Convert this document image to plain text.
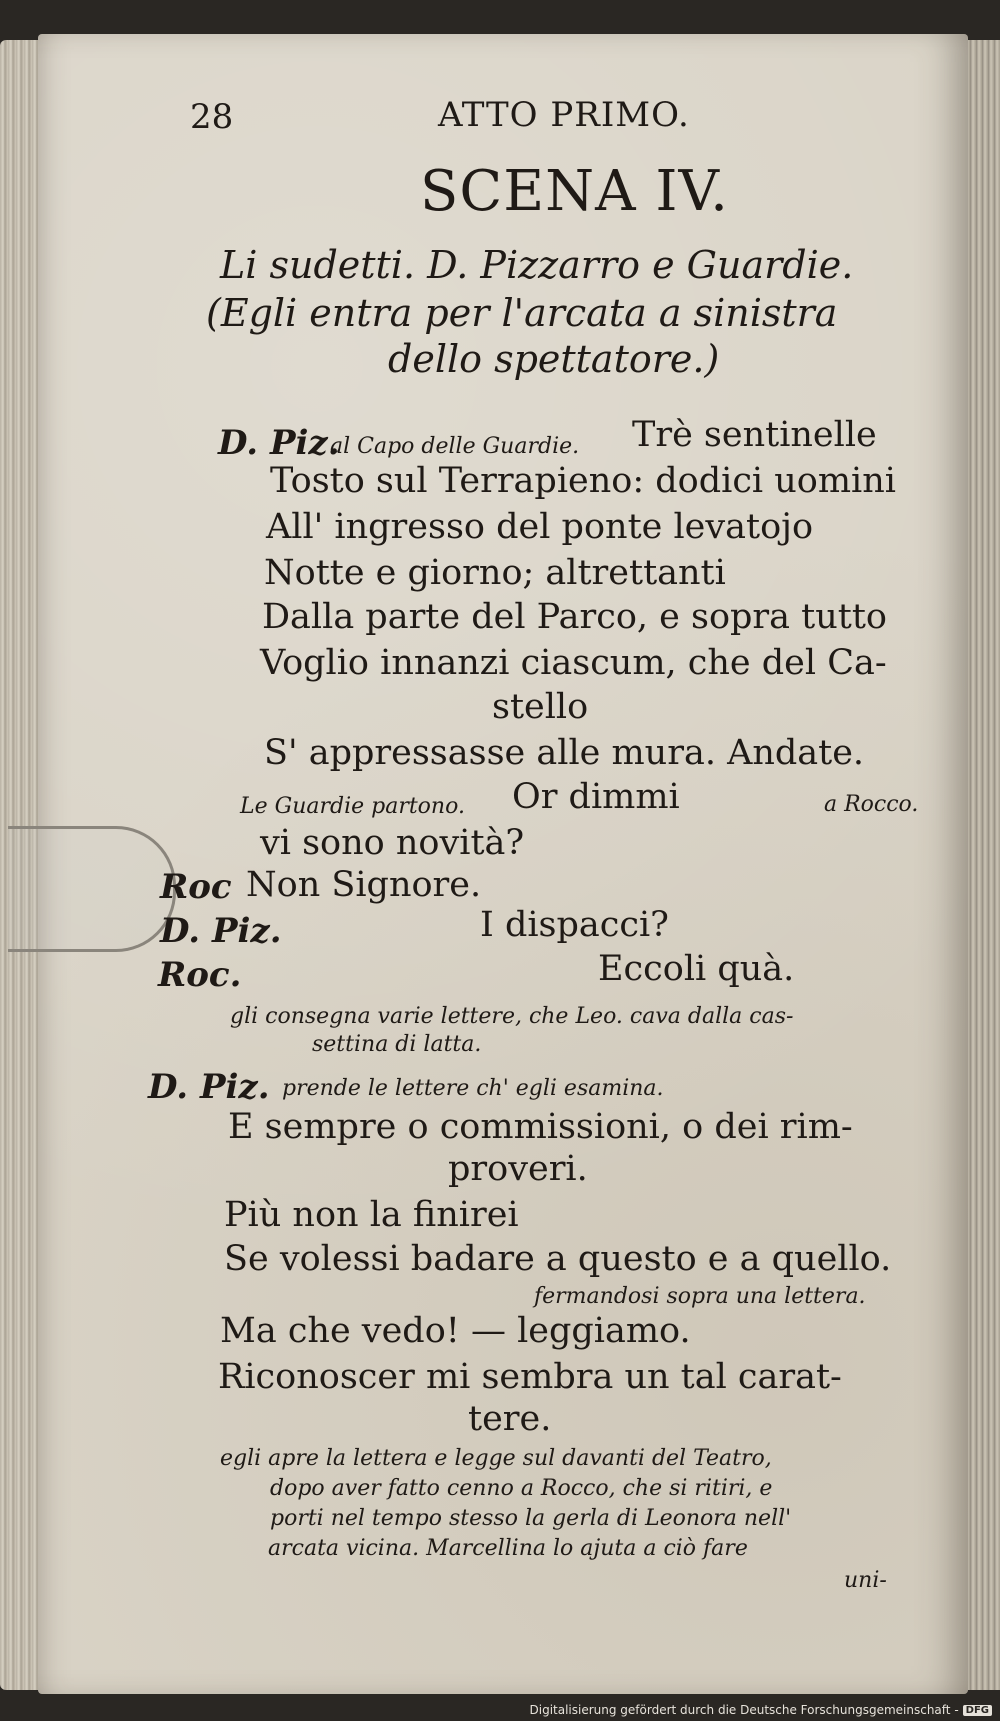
28	ATTO PRIMO.
SCENA IV.
Li sudetti. D. Pizzarro e Guardie.
(Egli entra per l'arcata a sinistra
dello spettatore.)
D. Piz.
al Capo delle Guardie. Trè sentinelle
Tosto sul Terrapieno: dodici uomini
All' ingresso del ponte levatojo
Notte e giorno; altrettanti
Dalla parte del Parco, e sopra tutto
Voglio innanzi ciascum, che del Ca-
stello
S' appressasse alle mura. Andate.
Le Guardie partono. Or dimmi	a Rocco.
vi sono novità?
Roc Non Signore.
D. Piz.	I dispacci?
Roc.	Eccoli quà.
gli consegna varie lettere, che Leo. cava dalla cas-
settina di latta.
D. Piz. prende le lettere ch' egli esamina.
E sempre o commissioni, o dei rim-
proveri.
Più non la finirei
Se volessi badare a questo e a quello.
fermandosi sopra una lettera.
Ma che vedo! — leggiamo.
Riconoscer mi sembra un tal carat-
tere.
egli apre la lettera e legge sul davanti del Teatro,
dopo aver fatto cenno a Rocco, che si ritiri, e
porti nel tempo stesso la gerla di Leonora nell'
arcata vicina. Marcellina lo ajuta a ciò fare
uni-
Digitalisierung gefördert durch die Deutsche Forschungsgemeinschaft - DFG
